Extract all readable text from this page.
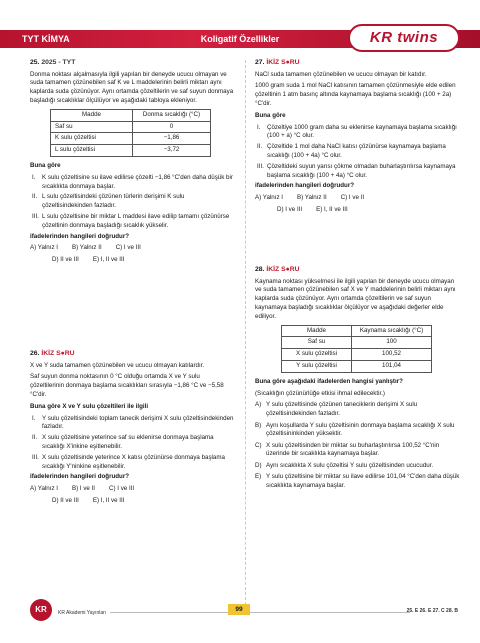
TYT KİMYA	Koligatif Özellikler	KR twins
25. 2025 - TYT

Donma noktası alçalmasıyla ilgili yapılan bir deneyde ucucu olmayan ve suda tamamen çözünebilen saf K ve L maddelerinin belirli miktarı aynı kaplarda suda çözünüyor. Aynı ortamda çözeltilerin ve saf suyun donmaya başladığı sıcaklıklar ölçülüyor ve aşağıdaki tabloya ekleniyor.

Madde	Donma sıcaklığı (°C)
Saf su	0
K sulu çözeltisi	−1,86
L sulu çözeltisi	−3,72

Buna göre

I.	K sulu çözeltisine su ilave edilirse çözelti −1,86 °C'den daha düşük bir sıcaklıkta donmaya başlar.
II. L sulu çözeltisindeki çözünen türlerin derişimi K sulu çözeltisindekinden fazladır.
III. L sulu çözeltisine bir miktar L maddesi ilave edilip tamamı çözünürse çözeltinin donmaya başladığı sıcaklık yükselir.

ifadelerinden hangileri doğrudur?

A) Yalnız I B) Yalnız II C) I ve III
D) II ve III E) I, II ve III
26. İKİZ S●RU

X ve Y suda tamamen çözünebilen ve ucucu olmayan katılardır.

Saf suyun donma noktasının 0 °C olduğu ortamda X ve Y sulu çözeltilerinin donmaya başlama sıcaklıkları sırasıyla −1,86 °C ve −5,58 °C'dir.

Buna göre X ve Y sulu çözeltileri ile ilgili

I.	Y sulu çözeltisindeki toplam tanecik derişimi X sulu çözeltisindekinden fazladır.
II. X sulu çözeltisine yeterince saf su eklenirse donmaya başlama sıcaklığı X'inkine eşitlenebilir.
III. X sulu çözeltisinde yeterince X katısı çözünürse donmaya başlama sıcaklığı Y'ninkine eşitlenebilir.

ifadelerinden hangileri doğrudur?

A) Yalnız I B) I ve II C) I ve III
D) II ve III E) I, II ve III
27. İKİZ S●RU

NaCl suda tamamen çözünebilen ve ucucu olmayan bir katıdır.

1000 gram suda 1 mol NaCl katısının tamamen çözünmesiyle elde edilen çözeltinin 1 atm basınç altında kaynamaya başlama sıcaklığı (100 + 2a) °C'dir.

Buna göre

I.	Çözeltiye 1000 gram daha su eklenirse kaynamaya başlama sıcaklığı (100 + a) °C olur.
II. Çözeltide 1 mol daha NaCl katısı çözünürse kaynamaya başlama sıcaklığı (100 + 4a) °C olur.
III. Çözeltideki suyun yarısı çökme olmadan buharlaştırılırsa kaynamaya başlama sıcaklığı (100 + 4a) °C olur.

ifadelerinden hangileri doğrudur?

A) Yalnız I B) Yalnız II C) I ve II
D) I ve III E) I, II ve III
28. İKİZ S●RU

Kaynama noktası yükselmesi ile ilgili yapılan bir deneyde ucucu olmayan ve suda tamamen çözünebilen saf X ve Y maddelerinin belirli miktarı aynı kaplarda suda çözünüyor. Aynı ortamda çözeltilerin ve saf suyun kaynamaya başladığı sıcaklıklar ölçülüyor ve aşağıdaki değerler elde ediliyor.

Madde	Kaynama sıcaklığı (°C)
Saf su	100
X sulu çözeltisi	100,52
Y sulu çözeltisi	101,04

Buna göre aşağıdaki ifadelerden hangisi yanlıştır?

(Sıcaklığın çözünürlüğe etkisi ihmal edilecektir.)

A) Y sulu çözeltisinde çözünen taneciklerin derişimi X sulu çözeltisindekinden fazladır.
B) Aynı koşullarda Y sulu çözeltisinin donmaya başlama sıcaklığı X sulu çözeltisininkinden yüksektir.
C) X sulu çözeltisinden bir miktar su buharlaştırılırsa 100,52 °C'nin üzerinde bir sıcaklıkta kaynamaya başlar.
D) Aynı sıcaklıkta X sulu çözeltisi Y sulu çözeltisinden ucucudur.
E) Y sulu çözeltisine bir miktar su ilave edilirse 101,04 °C'den daha düşük sıcaklıkta kaynamaya başlar.
KR	KR Akademi Yayınları	99	25. E 26. E 27. C 28. B
